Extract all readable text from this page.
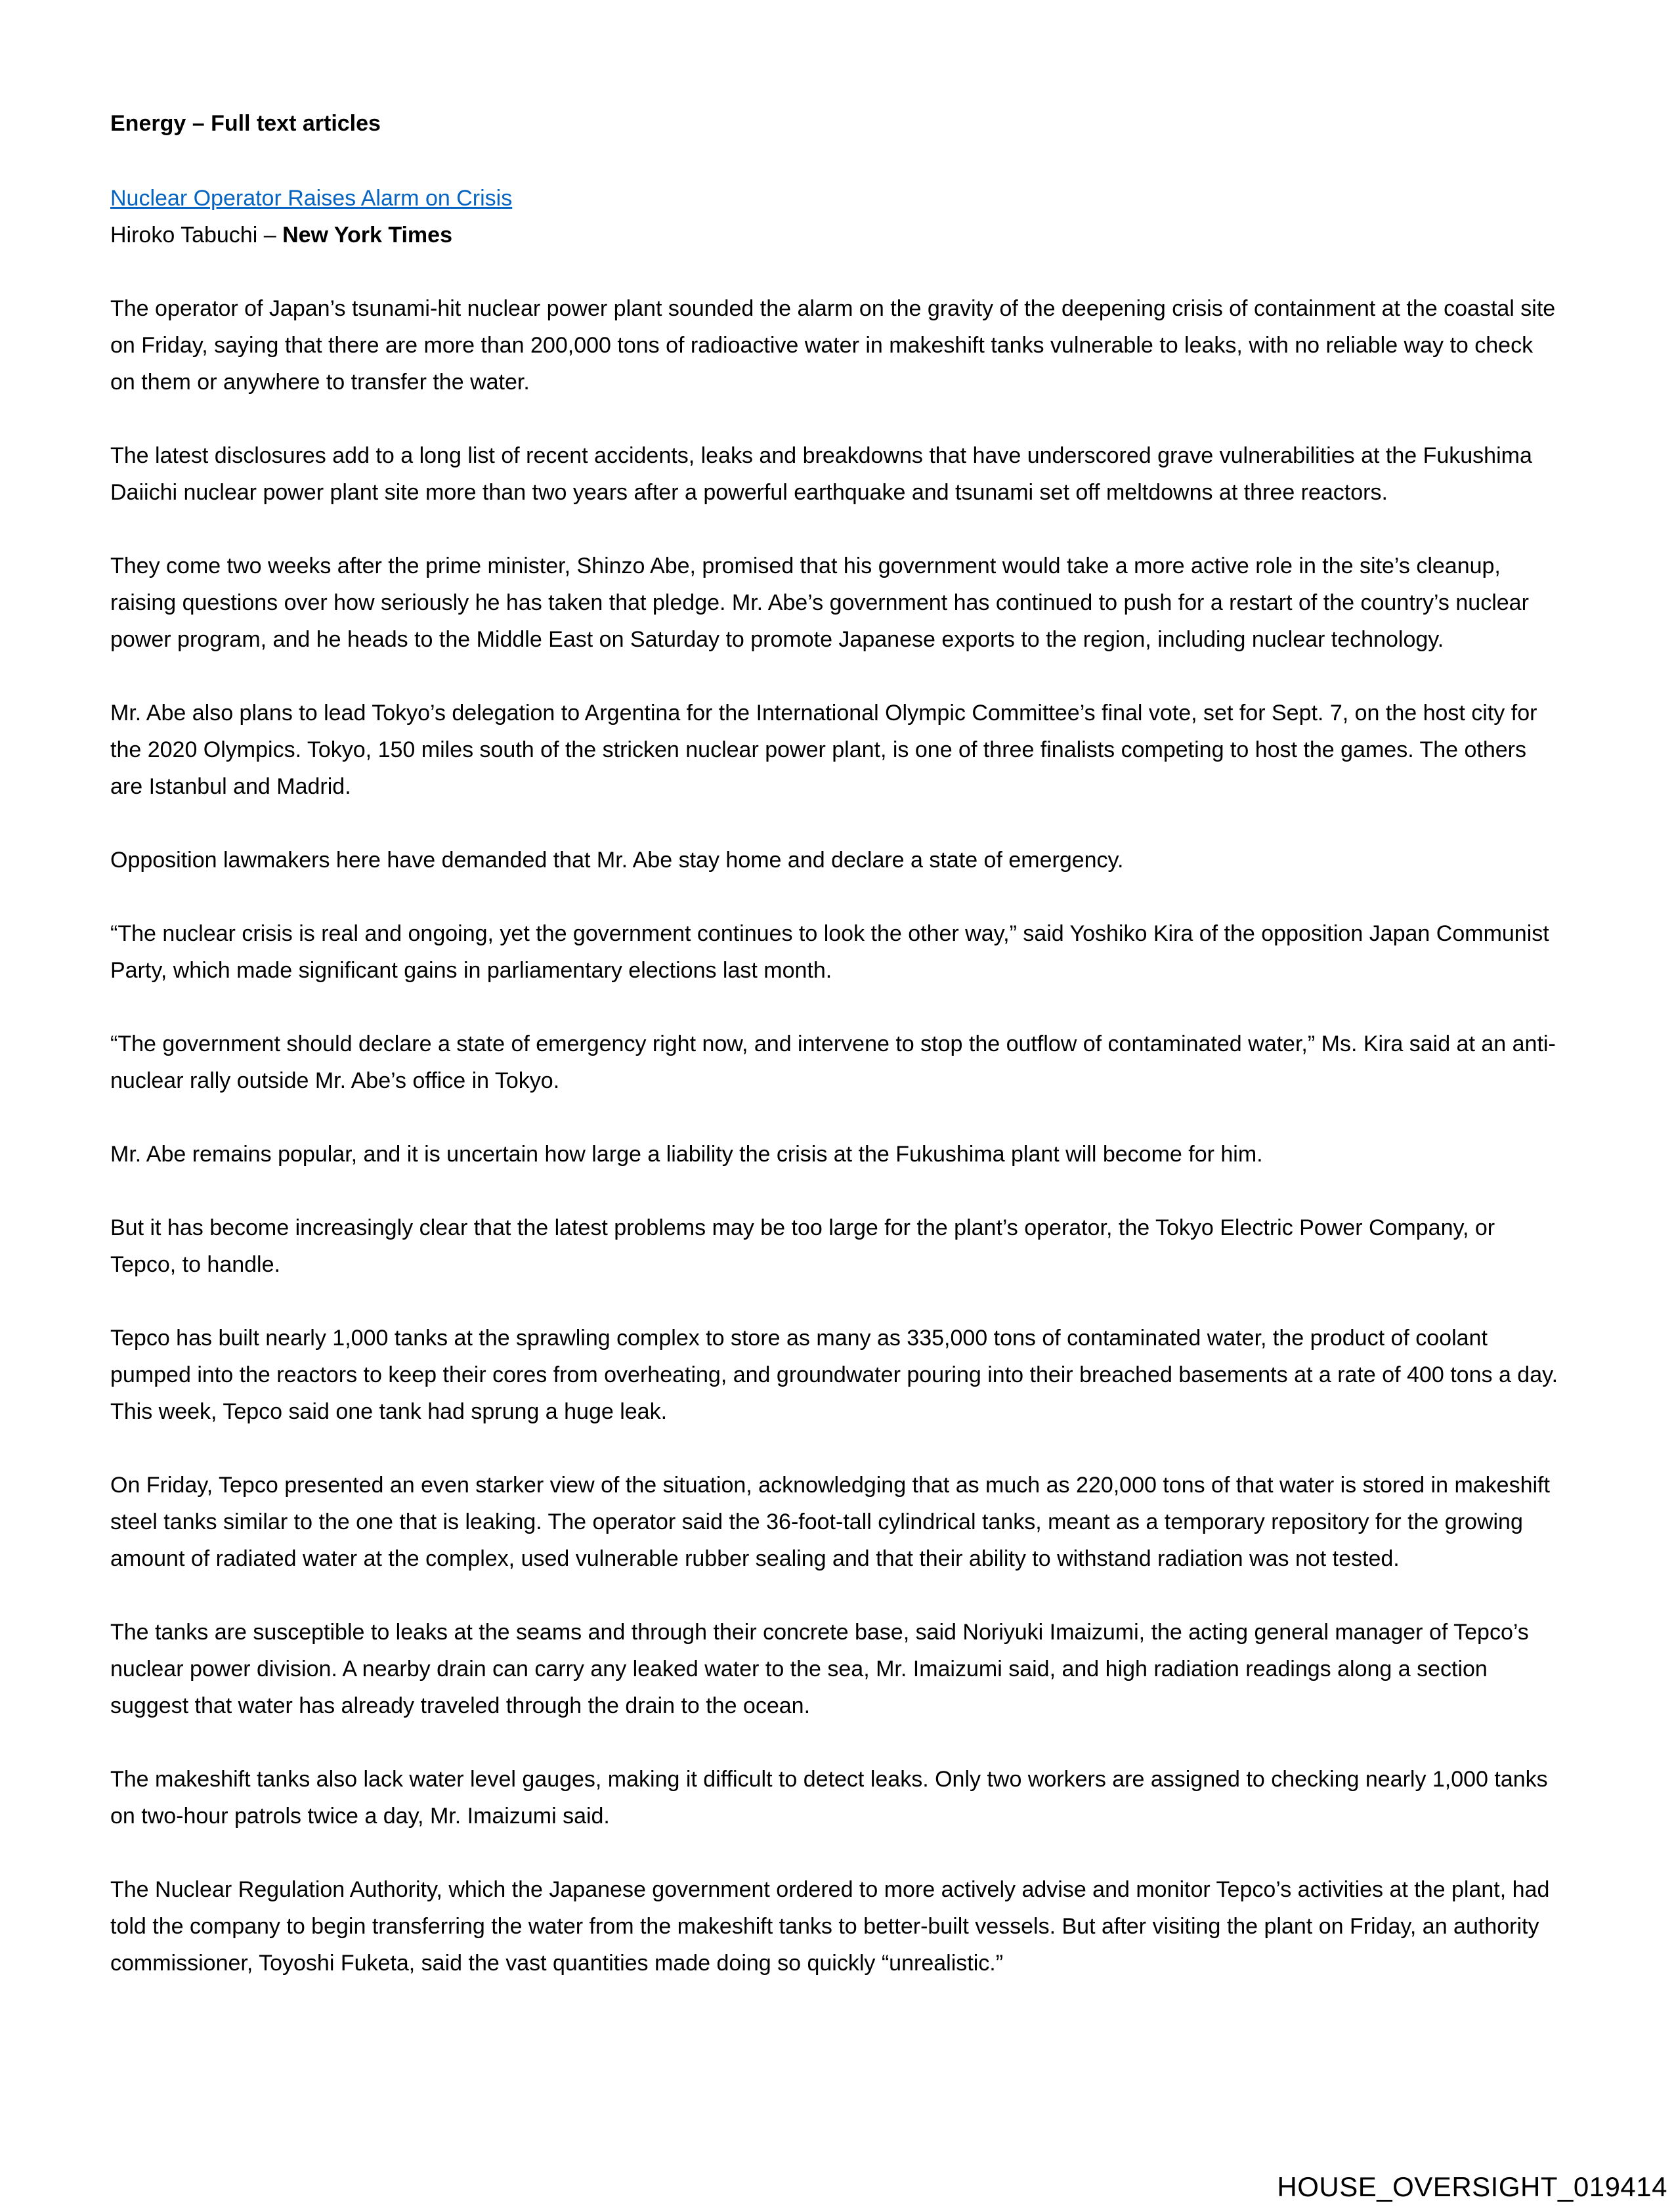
Energy – Full text articles
Nuclear Operator Raises Alarm on Crisis
Hiroko Tabuchi – New York Times

The operator of Japan’s tsunami-hit nuclear power plant sounded the alarm on the gravity of the deepening crisis of containment at the coastal site on Friday, saying that there are more than 200,000 tons of radioactive water in makeshift tanks vulnerable to leaks, with no reliable way to check on them or anywhere to transfer the water.

The latest disclosures add to a long list of recent accidents, leaks and breakdowns that have underscored grave vulnerabilities at the Fukushima Daiichi nuclear power plant site more than two years after a powerful earthquake and tsunami set off meltdowns at three reactors.

They come two weeks after the prime minister, Shinzo Abe, promised that his government would take a more active role in the site’s cleanup, raising questions over how seriously he has taken that pledge. Mr. Abe’s government has continued to push for a restart of the country’s nuclear power program, and he heads to the Middle East on Saturday to promote Japanese exports to the region, including nuclear technology.

Mr. Abe also plans to lead Tokyo’s delegation to Argentina for the International Olympic Committee’s final vote, set for Sept. 7, on the host city for the 2020 Olympics. Tokyo, 150 miles south of the stricken nuclear power plant, is one of three finalists competing to host the games. The others are Istanbul and Madrid.

Opposition lawmakers here have demanded that Mr. Abe stay home and declare a state of emergency.

“The nuclear crisis is real and ongoing, yet the government continues to look the other way,” said Yoshiko Kira of the opposition Japan Communist Party, which made significant gains in parliamentary elections last month.

“The government should declare a state of emergency right now, and intervene to stop the outflow of contaminated water,” Ms. Kira said at an anti-nuclear rally outside Mr. Abe’s office in Tokyo.

Mr. Abe remains popular, and it is uncertain how large a liability the crisis at the Fukushima plant will become for him.

But it has become increasingly clear that the latest problems may be too large for the plant’s operator, the Tokyo Electric Power Company, or Tepco, to handle.

Tepco has built nearly 1,000 tanks at the sprawling complex to store as many as 335,000 tons of contaminated water, the product of coolant pumped into the reactors to keep their cores from overheating, and groundwater pouring into their breached basements at a rate of 400 tons a day. This week, Tepco said one tank had sprung a huge leak.

On Friday, Tepco presented an even starker view of the situation, acknowledging that as much as 220,000 tons of that water is stored in makeshift steel tanks similar to the one that is leaking. The operator said the 36-foot-tall cylindrical tanks, meant as a temporary repository for the growing amount of radiated water at the complex, used vulnerable rubber sealing and that their ability to withstand radiation was not tested.

The tanks are susceptible to leaks at the seams and through their concrete base, said Noriyuki Imaizumi, the acting general manager of Tepco’s nuclear power division. A nearby drain can carry any leaked water to the sea, Mr. Imaizumi said, and high radiation readings along a section suggest that water has already traveled through the drain to the ocean.

The makeshift tanks also lack water level gauges, making it difficult to detect leaks. Only two workers are assigned to checking nearly 1,000 tanks on two-hour patrols twice a day, Mr. Imaizumi said.

The Nuclear Regulation Authority, which the Japanese government ordered to more actively advise and monitor Tepco’s activities at the plant, had told the company to begin transferring the water from the makeshift tanks to better-built vessels. But after visiting the plant on Friday, an authority commissioner, Toyoshi Fuketa, said the vast quantities made doing so quickly “unrealistic.”

HOUSE_OVERSIGHT_019414
